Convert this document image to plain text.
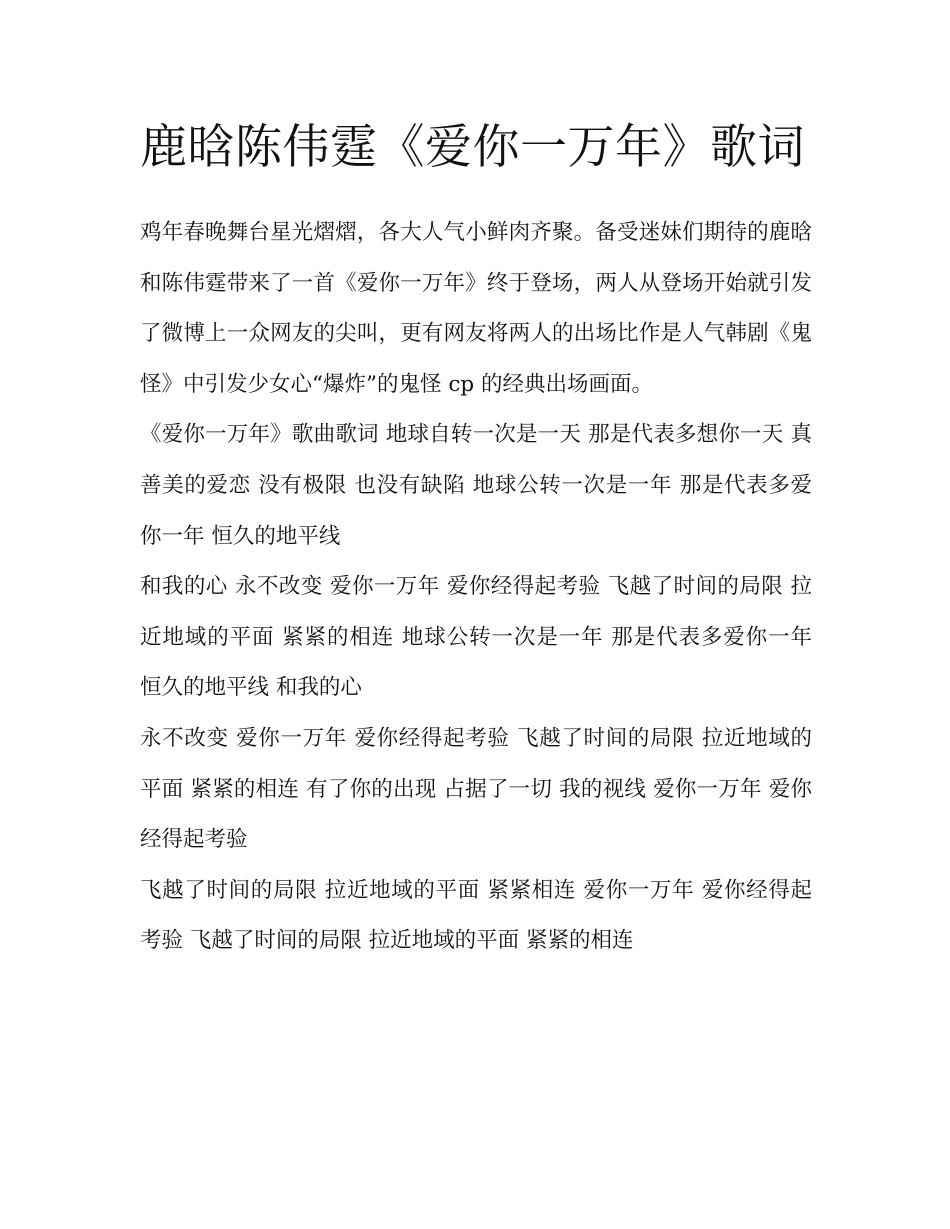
鹿晗陈伟霆《爱你一万年》歌词

鸡年春晚舞台星光熠熠，各大人气小鲜肉齐聚。备受迷妹们期待的鹿晗和陈伟霆带来了一首《爱你一万年》终于登场，两人从登场开始就引发了微博上一众网友的尖叫，更有网友将两人的出场比作是人气韩剧《鬼怪》中引发少女心“爆炸”的鬼怪 cp 的经典出场画面。

《爱你一万年》歌曲歌词 地球自转一次是一天 那是代表多想你一天 真善美的爱恋 没有极限 也没有缺陷 地球公转一次是一年 那是代表多爱你一年 恒久的地平线

和我的心 永不改变 爱你一万年 爱你经得起考验 飞越了时间的局限 拉近地域的平面 紧紧的相连 地球公转一次是一年 那是代表多爱你一年 恒久的地平线 和我的心

永不改变 爱你一万年 爱你经得起考验 飞越了时间的局限 拉近地域的平面 紧紧的相连 有了你的出现 占据了一切 我的视线 爱你一万年 爱你经得起考验

飞越了时间的局限 拉近地域的平面 紧紧相连 爱你一万年 爱你经得起考验 飞越了时间的局限 拉近地域的平面 紧紧的相连
